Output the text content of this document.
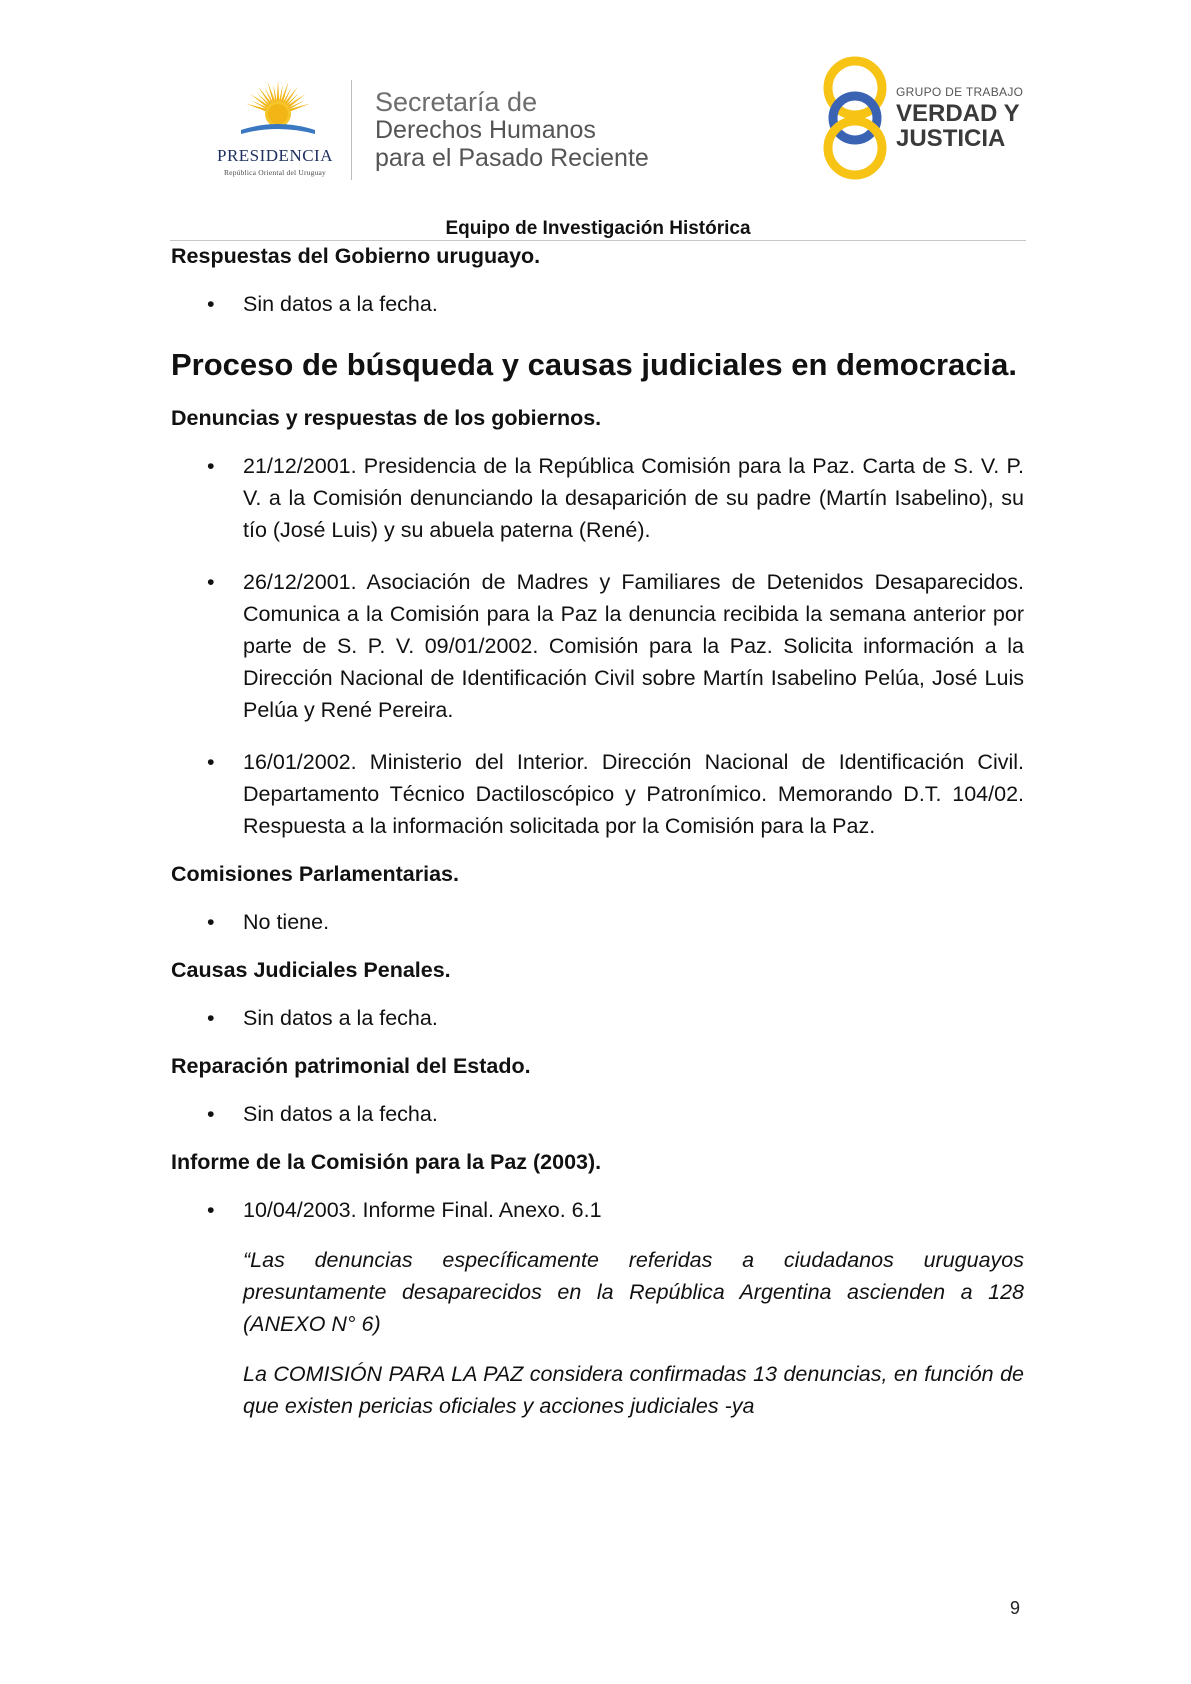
PRESIDENCIA
República Oriental del Uruguay
Secretaría de
Derechos Humanos
para el Pasado Reciente
GRUPO DE TRABAJO
VERDAD Y
JUSTICIA
Equipo de Investigación Histórica

Respuestas del Gobierno uruguayo.

• Sin datos a la fecha.

Proceso de búsqueda y causas judiciales en democracia.

Denuncias y respuestas de los gobiernos.

• 21/12/2001. Presidencia de la República Comisión para la Paz. Carta de S. V. P. V. a la Comisión denunciando la desaparición de su padre (Martín Isabelino), su tío (José Luis) y su abuela paterna (René).
• 26/12/2001. Asociación de Madres y Familiares de Detenidos Desaparecidos. Comunica a la Comisión para la Paz la denuncia recibida la semana anterior por parte de S. P. V. 09/01/2002. Comisión para la Paz. Solicita información a la Dirección Nacional de Identificación Civil sobre Martín Isabelino Pelúa, José Luis Pelúa y René Pereira.
• 16/01/2002. Ministerio del Interior. Dirección Nacional de Identificación Civil. Departamento Técnico Dactiloscópico y Patronímico. Memorando D.T. 104/02. Respuesta a la información solicitada por la Comisión para la Paz.

Comisiones Parlamentarias.

• No tiene.

Causas Judiciales Penales.

• Sin datos a la fecha.

Reparación patrimonial del Estado.

• Sin datos a la fecha.

Informe de la Comisión para la Paz (2003).

• 10/04/2003. Informe Final. Anexo. 6.1

“Las denuncias específicamente referidas a ciudadanos uruguayos presuntamente desaparecidos en la República Argentina ascienden a 128 (ANEXO N° 6)

La COMISIÓN PARA LA PAZ considera confirmadas 13 denuncias, en función de que existen pericias oficiales y acciones judiciales -ya

9
